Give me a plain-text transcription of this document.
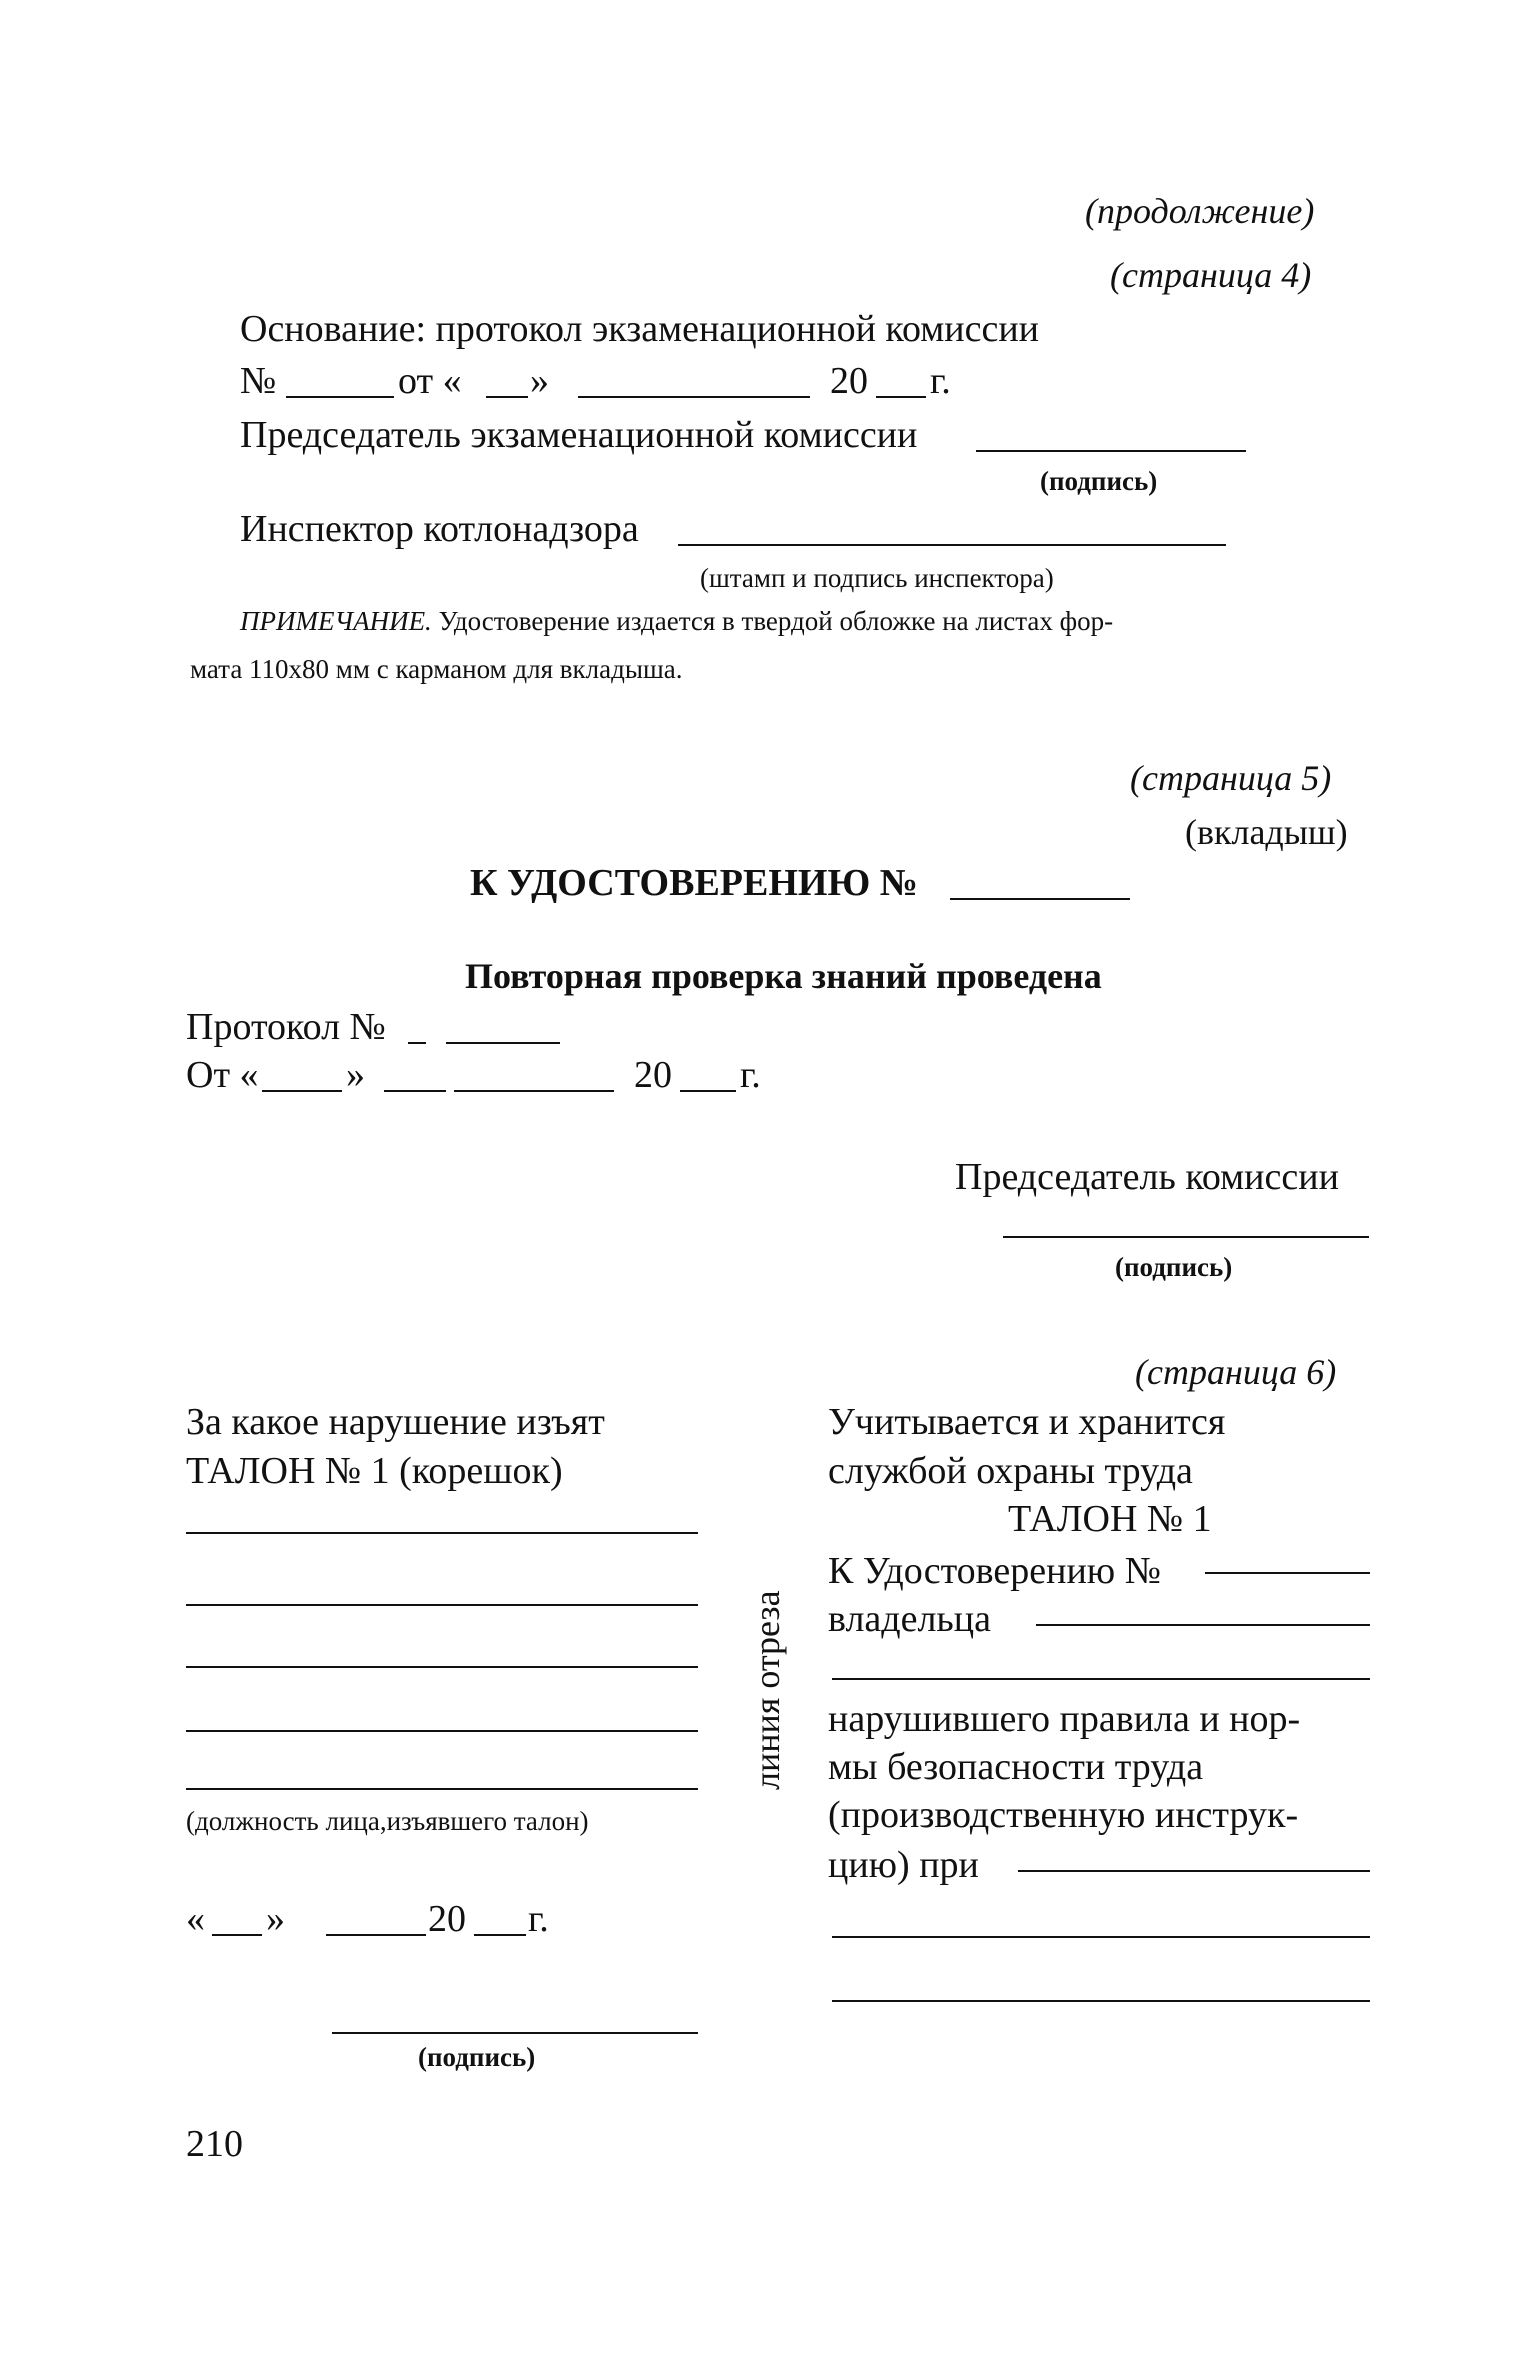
(продолжение)
(страница 4)
Основание: протокол экзаменационной комиссии
№	от « »	20 г.
Председатель экзаменационной комиссии
(подпись)
Инспектор котлонадзора
(штамп и подпись инспектора)
ПРИМЕЧАНИЕ. Удостоверение издается в твердой обложке на листах фор-
мата 110x80 мм с карманом для вкладыша.
(страница 5)
(вкладыш)
К УДОСТОВЕРЕНИЮ №
Повторная проверка знаний проведена
Протокол №
От « »	20 г.
Председатель комиссии
(подпись)
(страница 6)
За какое нарушение изъят
ТАЛОН № 1 (корешок)
(должность лица,изъявшего талон)
« »	20 г.
(подпись)
линия отреза
Учитывается и хранится
службой охраны труда
ТАЛОН № 1
К Удостоверению №
владельца
нарушившего правила и нор-
мы безопасности труда
(производственную инструк-
цию) при
210
